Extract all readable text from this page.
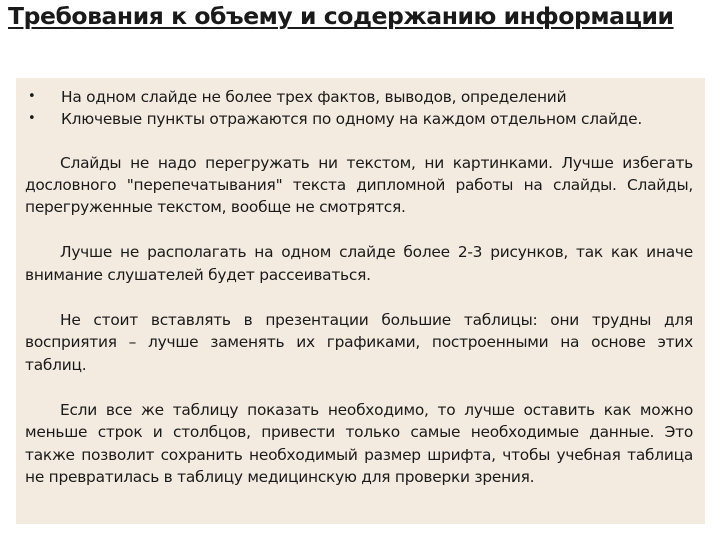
Требования к объему и содержанию информации
• На одном слайде не более трех фактов, выводов, определений
• Ключевые пункты отражаются по одному на каждом отдельном слайде.

Слайды не надо перегружать ни текстом, ни картинками. Лучше избегать дословного "перепечатывания" текста дипломной работы на слайды. Слайды, перегруженные текстом, вообще не смотрятся.

Лучше не располагать на одном слайде более 2-3 рисунков, так как иначе внимание слушателей будет рассеиваться.

Не стоит вставлять в презентации большие таблицы: они трудны для восприятия – лучше заменять их графиками, построенными на основе этих таблиц.

Если все же таблицу показать необходимо, то лучше оставить как можно меньше строк и столбцов, привести только самые необходимые данные. Это также позволит сохранить необходимый размер шрифта, чтобы учебная таблица не превратилась в таблицу медицинскую для проверки зрения.
